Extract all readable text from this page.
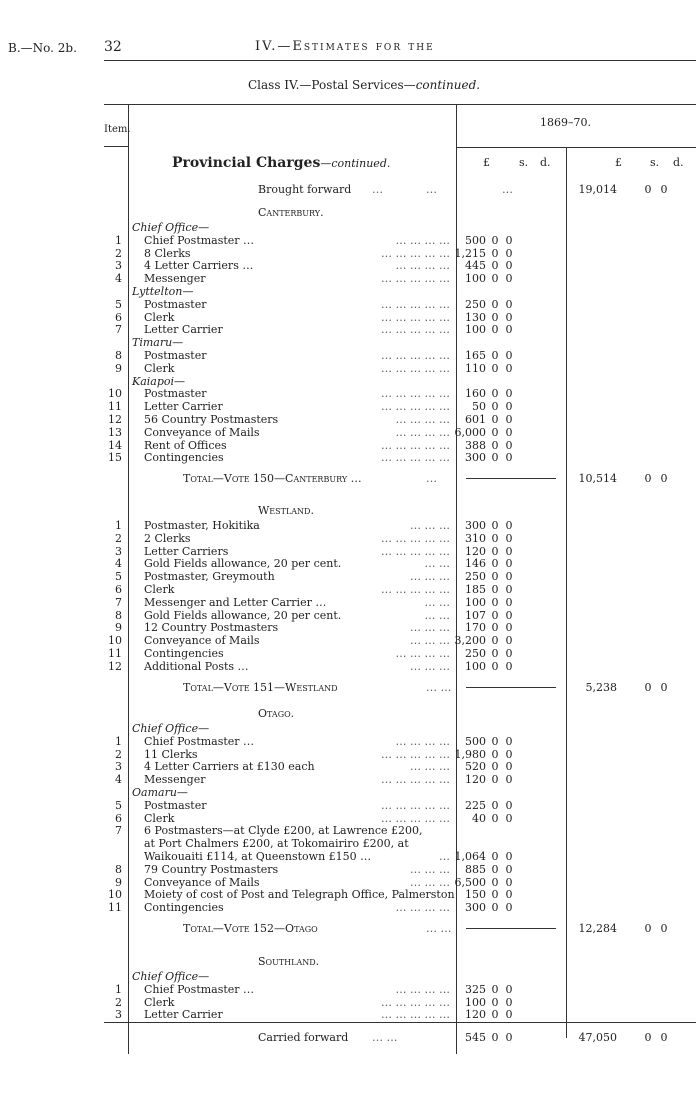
B.—No. 2b. 32	IV.—Estimates for the
Class IV.—Postal Services—continued.
Item.
1869–70.
£	s. d.	£	s. d.
Provincial Charges—continued.
Brought forward …	…	…	19,014	0 0
Canterbury.
Chief Office—
1 Chief Postmaster …	… … … … 500 0 0
2 8 Clerks	… … … … … 1,215 0 0
3 4 Letter Carriers …	… … … … 445 0 0
4 Messenger	… … … … … 100 0 0
Lyttelton—
5 Postmaster	… … … … … 250 0 0
6 Clerk	… … … … … 130 0 0
7 Letter Carrier	… … … … … 100 0 0
Timaru—
8 Postmaster	… … … … … 165 0 0
9 Clerk	… … … … … 110 0 0
Kaiapoi—
10 Postmaster	… … … … … 160 0 0
11 Letter Carrier	… … … … … 50 0 0
12 56 Country Postmasters	… … … … 601 0 0
13 Conveyance of Mails	… … … … 6,000 0 0
14 Rent of Offices	… … … … … 388 0 0
15 Contingencies	… … … … … 300 0 0
Total—Vote 150—Canterbury …	…	10,514	0 0
Westland.
1 Postmaster, Hokitika	… … … 300 0 0
2 2 Clerks	… … … … … 310 0 0
3 Letter Carriers	… … … … … 120 0 0
4 Gold Fields allowance, 20 per cent.	… … 146 0 0
5 Postmaster, Greymouth	… … … 250 0 0
6 Clerk	… … … … … 185 0 0
7 Messenger and Letter Carrier …	… … 100 0 0
8 Gold Fields allowance, 20 per cent.	… … 107 0 0
9 12 Country Postmasters	… … … 170 0 0
10 Conveyance of Mails	… … … 3,200 0 0
11 Contingencies	… … … … 250 0 0
12 Additional Posts …	… … … 100 0 0
Total—Vote 151—Westland	… …	5,238	0 0
Otago.
Chief Office—
1 Chief Postmaster …	… … … … 500 0 0
2 11 Clerks	… … … … … 1,980 0 0
3 4 Letter Carriers at £130 each	… … … 520 0 0
4 Messenger	… … … … … 120 0 0
Oamaru—
5 Postmaster	… … … … … 225 0 0
6 Clerk	… … … … … 40 0 0
7 6 Postmasters—at Clyde £200, at Lawrence £200,
at Port Chalmers £200, at Tokomairiro £200, at
Waikouaiti £114, at Queenstown £150 …	… 1,064 0 0
8 79 Country Postmasters	… … … 885 0 0
9 Conveyance of Mails	… … … 6,500 0 0
10 Moiety of cost of Post and Telegraph Office, Palmerston 150 0 0
11 Contingencies	… … … … 300 0 0
Total—Vote 152—Otago	… …	12,284	0 0
Southland.
Chief Office—
1 Chief Postmaster …	… … … … 325 0 0
2 Clerk	… … … … … 100 0 0
3 Letter Carrier	… … … … … 120 0 0
Carried forward … …	545 0 0	47,050	0 0
